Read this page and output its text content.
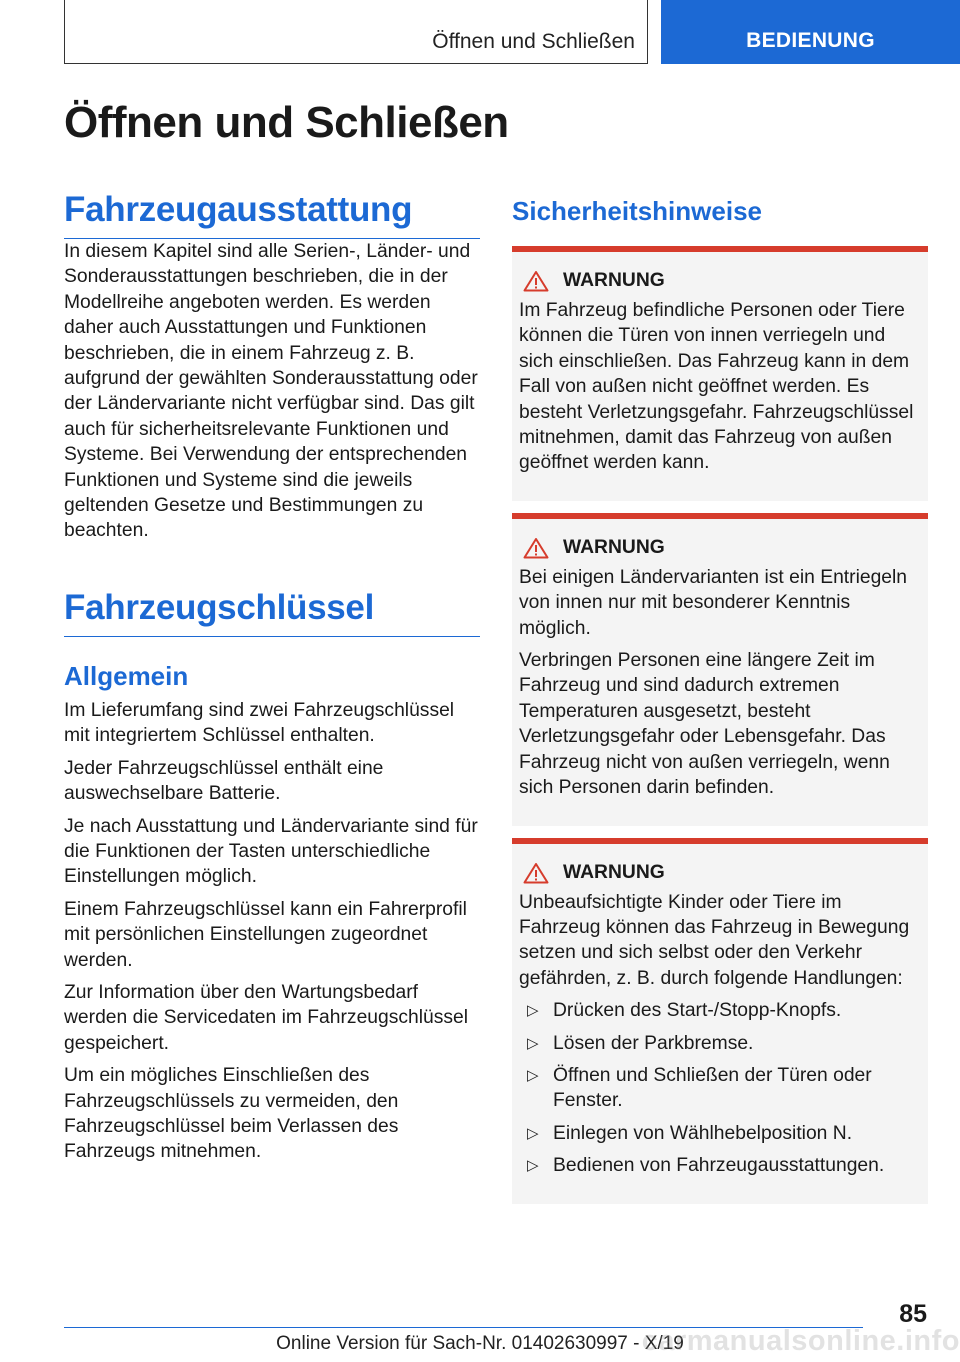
Öffnen und Schließen	BEDIENUNG
Öffnen und Schließen
Fahrzeugausstattung

In diesem Kapitel sind alle Serien-, Länder- und Sonderausstattungen beschrieben, die in der Modellreihe angeboten werden. Es werden daher auch Ausstattungen und Funktionen beschrieben, die in einem Fahrzeug z. B. aufgrund der gewählten Sonderausstattung oder der Ländervariante nicht verfügbar sind. Das gilt auch für sicherheitsrelevante Funktionen und Systeme. Bei Verwendung der entsprechenden Funktionen und Systeme sind die jeweils geltenden Gesetze und Bestimmungen zu beachten.

Fahrzeugschlüssel
Allgemein

Im Lieferumfang sind zwei Fahrzeugschlüssel mit integriertem Schlüssel enthalten.

Jeder Fahrzeugschlüssel enthält eine auswechselbare Batterie.

Je nach Ausstattung und Ländervariante sind für die Funktionen der Tasten unterschiedliche Einstellungen möglich.

Einem Fahrzeugschlüssel kann ein Fahrerprofil mit persönlichen Einstellungen zugeordnet werden.

Zur Information über den Wartungsbedarf werden die Servicedaten im Fahrzeugschlüssel gespeichert.

Um ein mögliches Einschließen des Fahrzeugschlüssels zu vermeiden, den Fahrzeugschlüssel beim Verlassen des Fahrzeugs mitnehmen.

Sicherheitshinweise
WARNUNG

Im Fahrzeug befindliche Personen oder Tiere können die Türen von innen verriegeln und sich einschließen. Das Fahrzeug kann in dem Fall von außen nicht geöffnet werden. Es besteht Verletzungsgefahr. Fahrzeugschlüssel mitnehmen, damit das Fahrzeug von außen geöffnet werden kann.

WARNUNG

Bei einigen Ländervarianten ist ein Entriegeln von innen nur mit besonderer Kenntnis möglich.

Verbringen Personen eine längere Zeit im Fahrzeug und sind dadurch extremen Temperaturen ausgesetzt, besteht Verletzungsgefahr oder Lebensgefahr. Das Fahrzeug nicht von außen verriegeln, wenn sich Personen darin befinden.

WARNUNG

Unbeaufsichtigte Kinder oder Tiere im Fahrzeug können das Fahrzeug in Bewegung setzen und sich selbst oder den Verkehr gefährden, z. B. durch folgende Handlungen:

▷ Drücken des Start-/Stopp-Knopfs.
▷ Lösen der Parkbremse.
▷ Öffnen und Schließen der Türen oder Fenster.
▷ Einlegen von Wählhebelposition N.
▷ Bedienen von Fahrzeugausstattungen.
85
Online Version für Sach-Nr. 01402630997 - X/19
carmanualsonline.info
